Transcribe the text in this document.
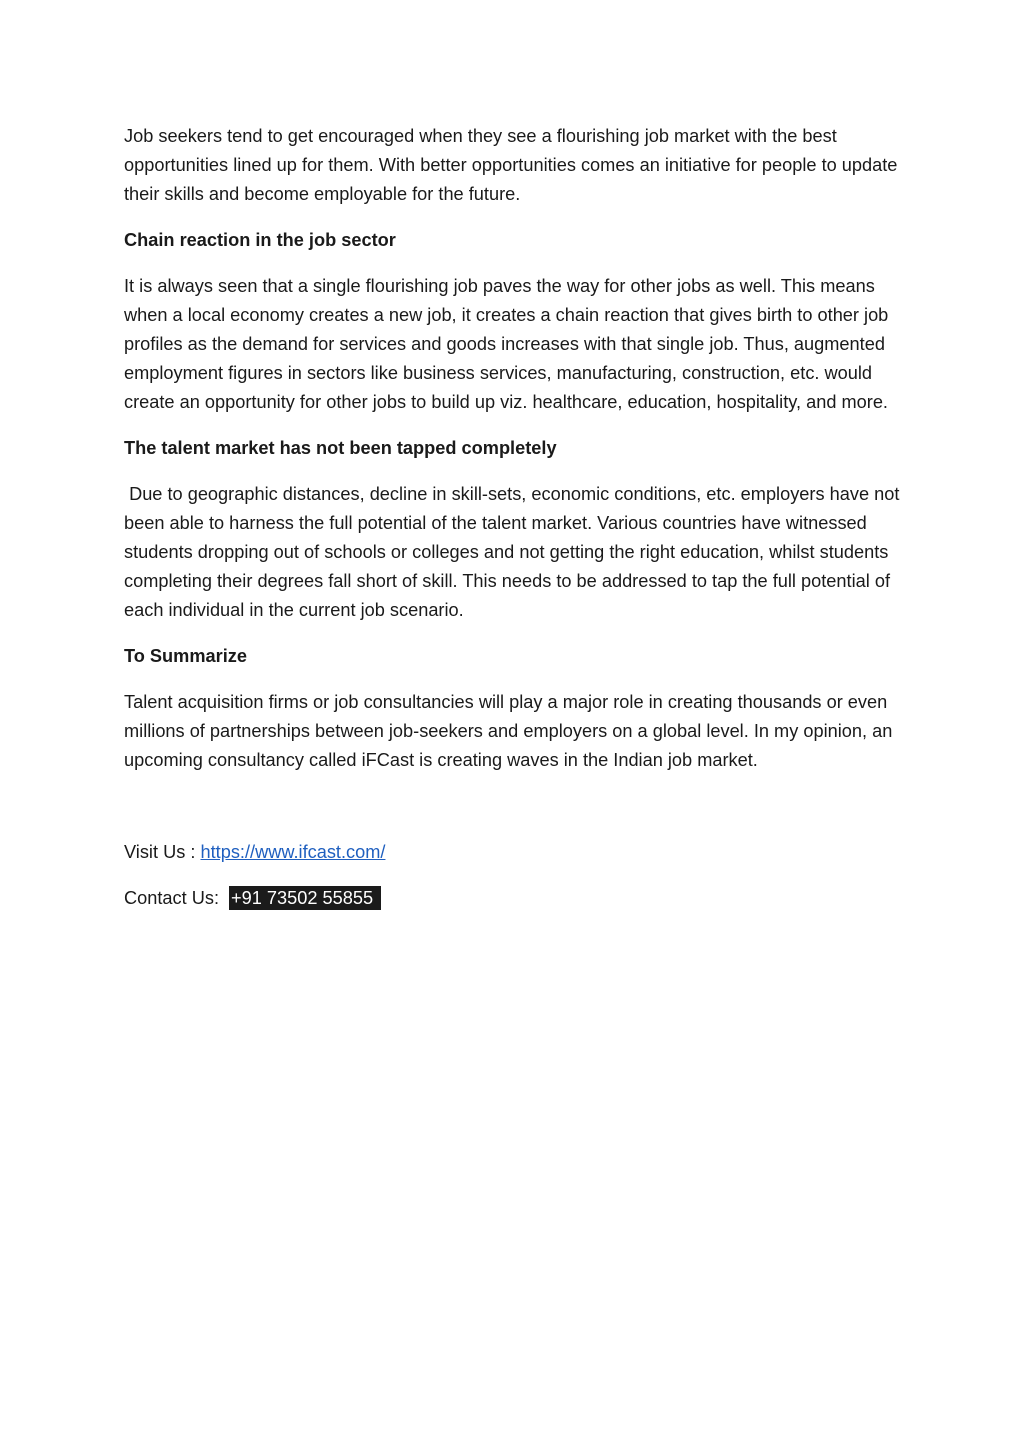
Job seekers tend to get encouraged when they see a flourishing job market with the best opportunities lined up for them. With better opportunities comes an initiative for people to update their skills and become employable for the future.

Chain reaction in the job sector

It is always seen that a single flourishing job paves the way for other jobs as well. This means when a local economy creates a new job, it creates a chain reaction that gives birth to other job profiles as the demand for services and goods increases with that single job. Thus, augmented employment figures in sectors like business services, manufacturing, construction, etc. would create an opportunity for other jobs to build up viz. healthcare, education, hospitality, and more.

The talent market has not been tapped completely

Due to geographic distances, decline in skill-sets, economic conditions, etc. employers have not been able to harness the full potential of the talent market. Various countries have witnessed students dropping out of schools or colleges and not getting the right education, whilst students completing their degrees fall short of skill. This needs to be addressed to tap the full potential of each individual in the current job scenario.

To Summarize

Talent acquisition firms or job consultancies will play a major role in creating thousands or even millions of partnerships between job-seekers and employers on a global level. In my opinion, an upcoming consultancy called iFCast is creating waves in the Indian job market.

Visit Us : https://www.ifcast.com/

Contact Us: +91 73502 55855
